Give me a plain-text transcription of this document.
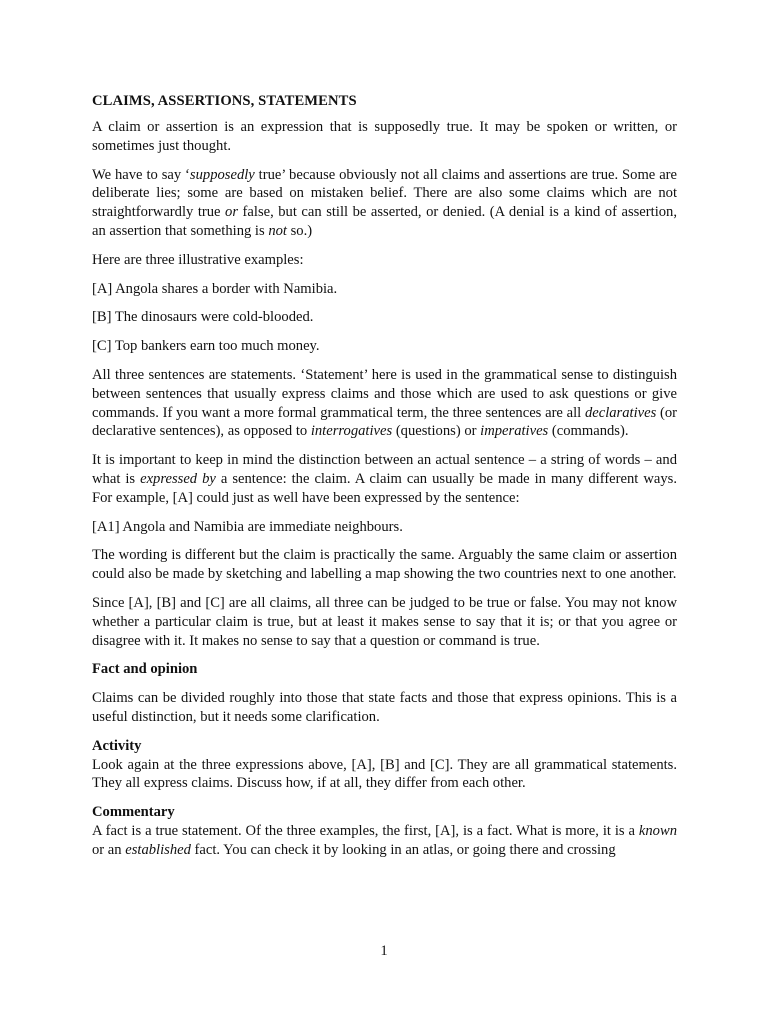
CLAIMS, ASSERTIONS, STATEMENTS

A claim or assertion is an expression that is supposedly true. It may be spoken or written, or sometimes just thought.

We have to say ‘supposedly true’ because obviously not all claims and assertions are true. Some are deliberate lies; some are based on mistaken belief. There are also some claims which are not straightforwardly true or false, but can still be asserted, or denied. (A denial is a kind of assertion, an assertion that something is not so.)

Here are three illustrative examples:

[A] Angola shares a border with Namibia.

[B] The dinosaurs were cold-blooded.

[C] Top bankers earn too much money.

All three sentences are statements. ‘Statement’ here is used in the grammatical sense to distinguish between sentences that usually express claims and those which are used to ask questions or give commands. If you want a more formal grammatical term, the three sentences are all declaratives (or declarative sentences), as opposed to interrogatives (questions) or imperatives (commands).

It is important to keep in mind the distinction between an actual sentence – a string of words – and what is expressed by a sentence: the claim. A claim can usually be made in many different ways. For example, [A] could just as well have been expressed by the sentence:

[A1] Angola and Namibia are immediate neighbours.

The wording is different but the claim is practically the same. Arguably the same claim or assertion could also be made by sketching and labelling a map showing the two countries next to one another.

Since [A], [B] and [C] are all claims, all three can be judged to be true or false. You may not know whether a particular claim is true, but at least it makes sense to say that it is; or that you agree or disagree with it. It makes no sense to say that a question or command is true.

Fact and opinion

Claims can be divided roughly into those that state facts and those that express opinions. This is a useful distinction, but it needs some clarification.

Activity

Look again at the three expressions above, [A], [B] and [C]. They are all grammatical statements. They all express claims. Discuss how, if at all, they differ from each other.

Commentary

A fact is a true statement. Of the three examples, the first, [A], is a fact. What is more, it is a known or an established fact. You can check it by looking in an atlas, or going there and crossing

1
